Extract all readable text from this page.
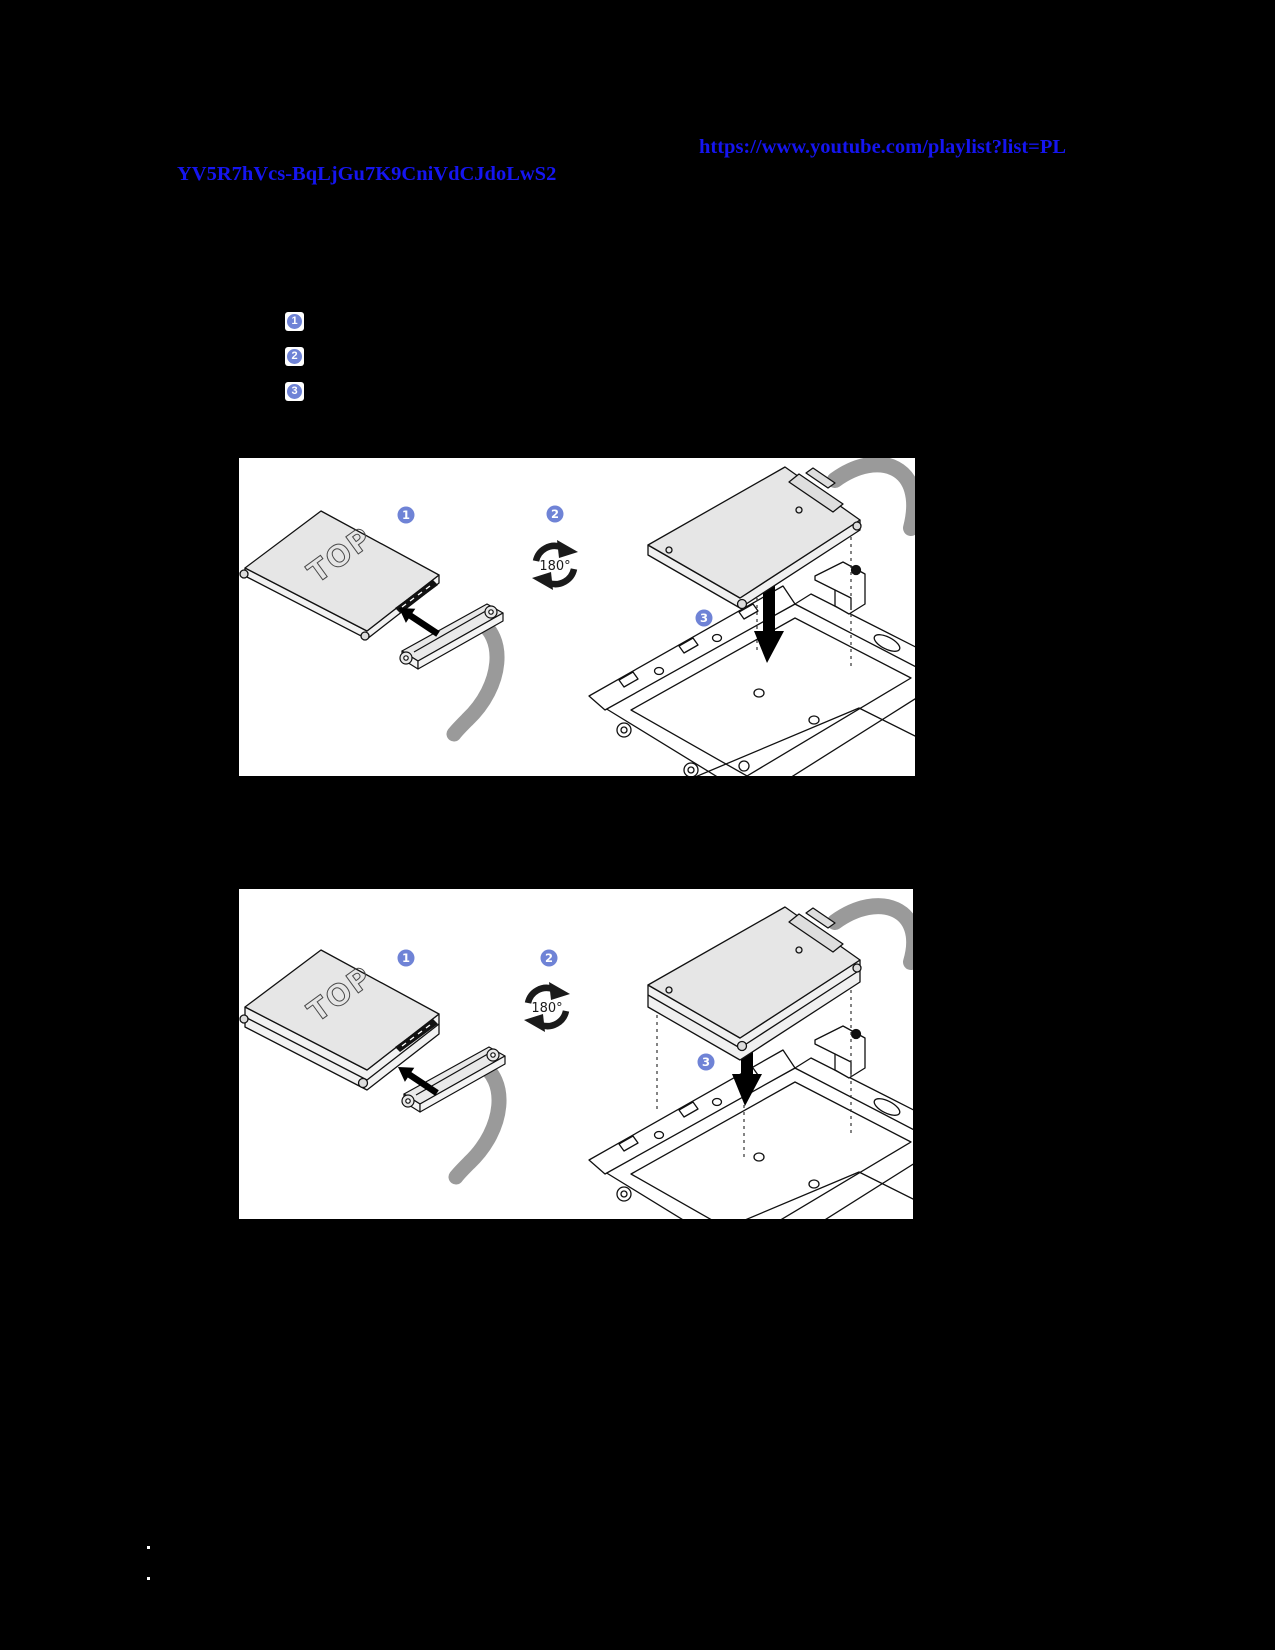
https://www.youtube.com/playlist?list=PL
YV5R7hVcs-BqLjGu7K9CniVdCJdoLwS2
1
2
3
TOP	180°
1	2
3
TOP	180°
1	2
3
